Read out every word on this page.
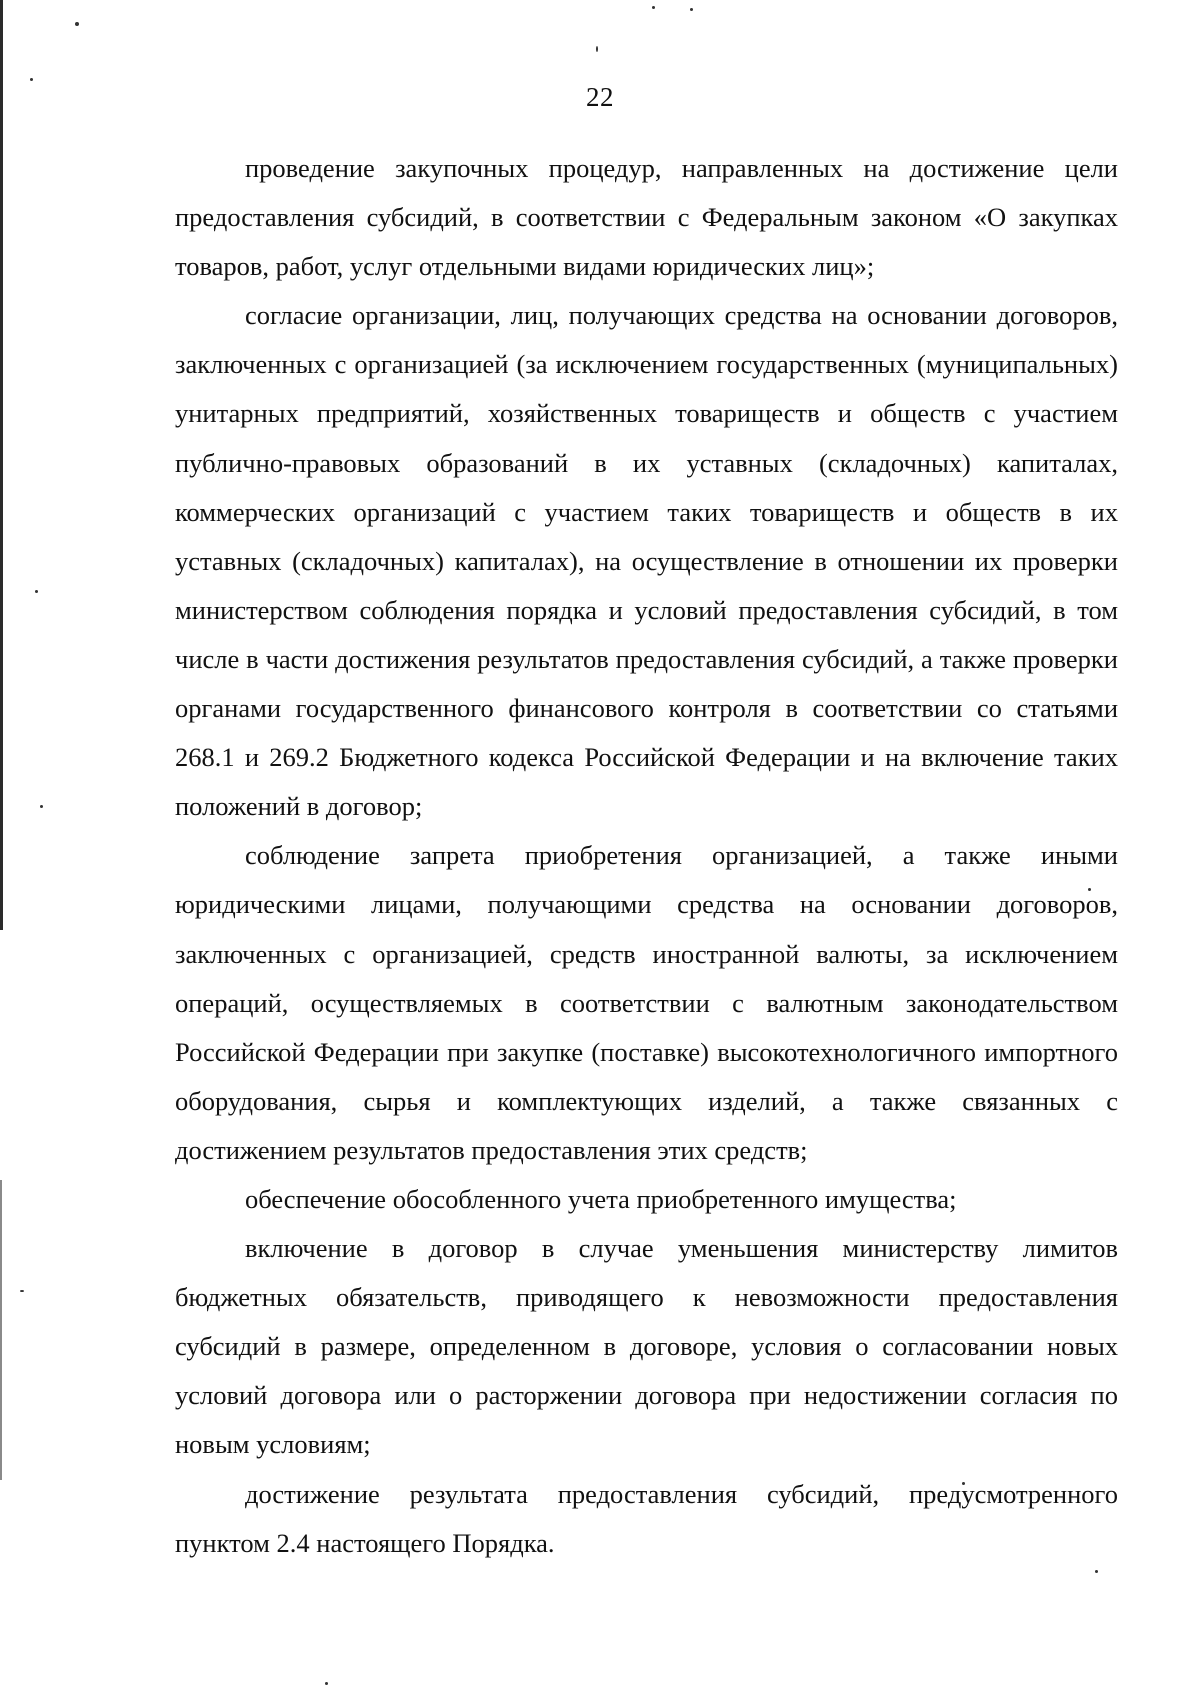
22

проведение закупочных процедур, направленных на достижение цели предоставления субсидий, в соответствии с Федеральным законом «О закупках товаров, работ, услуг отдельными видами юридических лиц»;

согласие организации, лиц, получающих средства на основании договоров, заключенных с организацией (за исключением государственных (муниципальных) унитарных предприятий, хозяйственных товариществ и обществ с участием публично-правовых образований в их уставных (складочных) капиталах, коммерческих организаций с участием таких товариществ и обществ в их уставных (складочных) капиталах), на осуществление в отношении их проверки министерством соблюдения порядка и условий предоставления субсидий, в том числе в части достижения результатов предоставления субсидий, а также проверки органами государственного финансового контроля в соответствии со статьями 268.1 и 269.2 Бюджетного кодекса Российской Федерации и на включение таких положений в договор;

соблюдение запрета приобретения организацией, а также иными юридическими лицами, получающими средства на основании договоров, заключенных с организацией, средств иностранной валюты, за исключением операций, осуществляемых в соответствии с валютным законодательством Российской Федерации при закупке (поставке) высокотехнологичного импортного оборудования, сырья и комплектующих изделий, а также связанных с достижением результатов предоставления этих средств;

обеспечение обособленного учета приобретенного имущества;

включение в договор в случае уменьшения министерству лимитов бюджетных обязательств, приводящего к невозможности предоставления субсидий в размере, определенном в договоре, условия о согласовании новых условий договора или о расторжении договора при недостижении согласия по новым условиям;

достижение результата предоставления субсидий, предусмотренного пунктом 2.4 настоящего Порядка.
